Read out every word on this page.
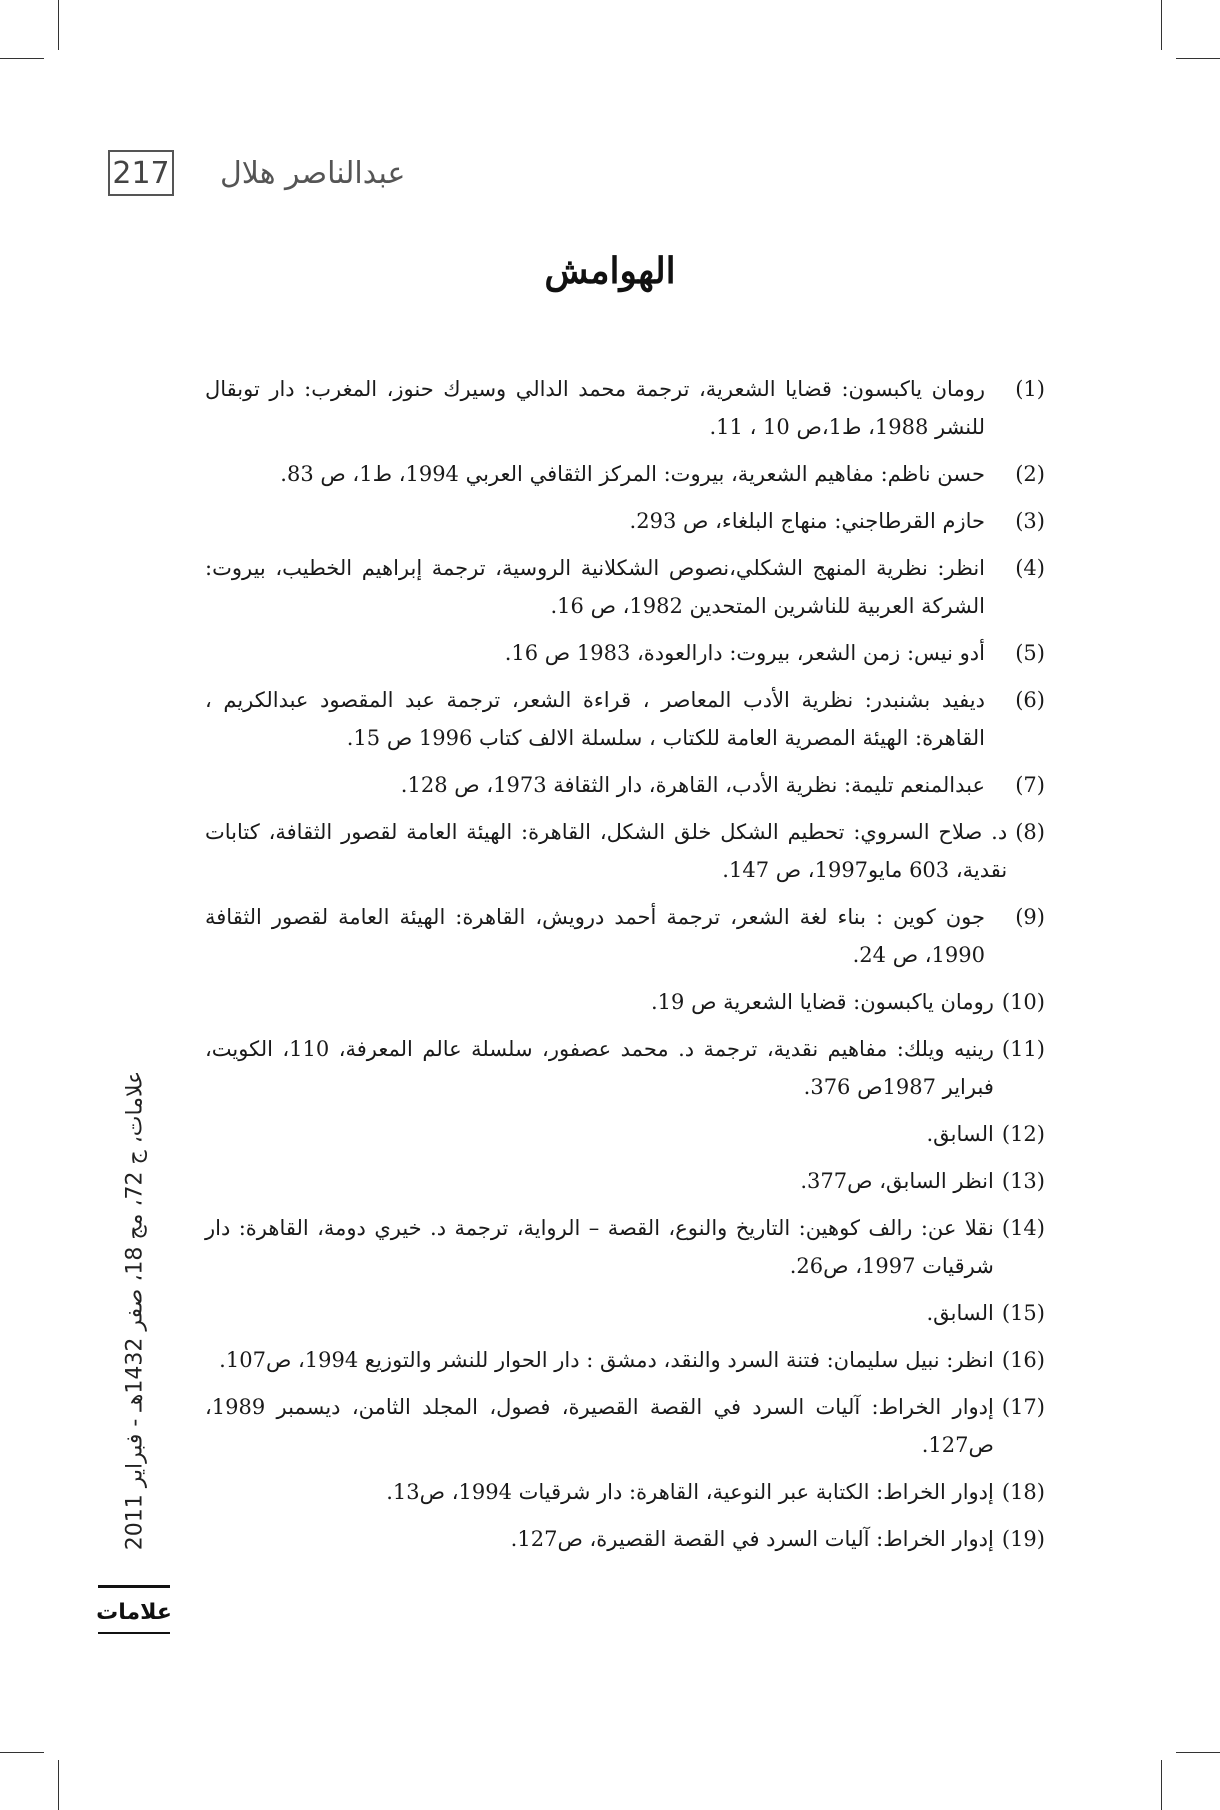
217 عبدالناصر هلال
الهوامش
(1)
رومان ياكبسون: قضايا الشعرية، ترجمة محمد الدالي وسيرك حنوز، المغرب: دار توبقال للنشر 1988، ط1،ص 10 ، 11.
(2)
حسن ناظم: مفاهيم الشعرية، بيروت: المركز الثقافي العربي 1994، ط1، ص 83.
(3)
حازم القرطاجني: منهاج البلغاء، ص 293.
(4)
انظر: نظرية المنهج الشكلي،نصوص الشكلانية الروسية، ترجمة إبراهيم الخطيب، بيروت: الشركة العربية للناشرين المتحدين 1982، ص 16.
(5)
أدو نيس: زمن الشعر، بيروت: دارالعودة، 1983 ص 16.
(6)
ديفيد بشنبدر: نظرية الأدب المعاصر ، قراءة الشعر، ترجمة عبد المقصود عبدالكريم ، القاهرة: الهيئة المصرية العامة للكتاب ، سلسلة الالف كتاب 1996 ص 15.
(7)
عبدالمنعم تليمة: نظرية الأدب، القاهرة، دار الثقافة 1973، ص 128.
(8)
د. صلاح السروي: تحطيم الشكل خلق الشكل، القاهرة: الهيئة العامة لقصور الثقافة، كتابات نقدية، 603 مايو1997، ص 147.
(9)
جون كوين : بناء لغة الشعر، ترجمة أحمد درويش، القاهرة: الهيئة العامة لقصور الثقافة 1990، ص 24.
(10)
رومان ياكبسون: قضايا الشعرية ص 19.
(11)
رينيه ويلك: مفاهيم نقدية، ترجمة د. محمد عصفور، سلسلة عالم المعرفة، 110، الكويت، فبراير 1987ص 376.
(12)
السابق.
(13)
انظر السابق، ص377.
(14)
نقلا عن: رالف كوهين: التاريخ والنوع، القصة – الرواية، ترجمة د. خيري دومة، القاهرة: دار شرقيات 1997، ص26.
(15)
السابق.
(16)
انظر: نبيل سليمان: فتنة السرد والنقد، دمشق : دار الحوار للنشر والتوزيع 1994، ص107.
(17)
إدوار الخراط: آليات السرد في القصة القصيرة، فصول، المجلد الثامن، ديسمبر 1989، ص127.
(18)
إدوار الخراط: الكتابة عبر النوعية، القاهرة: دار شرقيات 1994، ص13.
(19)
إدوار الخراط: آليات السرد في القصة القصيرة، ص127.
علامات، ج 72، مج 18، صفر 1432هـ - فبراير 2011
علامات
